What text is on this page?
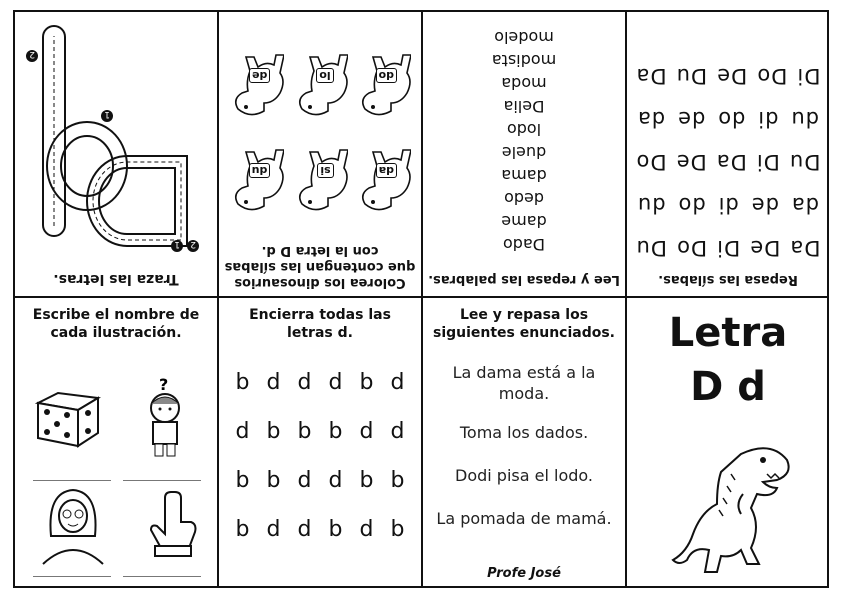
Traza las letras.
2
1
2
1
Colorea los dinosaurios
que contengan las sílabas
con la letra D d.
da
si
du
do
lo
de
Lee y repasa las palabras.
Dado
dame
dedo
dama
duele
lodo
Delia
moda
modista
modelo
Repasa las sílabas.
Da
De
Di
Do
Du
da
de
di
do
du
Du
Di
Da
De
Do
du
di
do
de
da
Di
Do
De
Du
Da
Escribe el nombre de cada ilustración.
?
Encierra todas las letras d.
b d d d b d
d b b b d d
b b d d b b
b d d b d b
Lee y repasa los siguientes enunciados.
La dama está a la moda.
Toma los dados.
Dodi pisa el lodo.
La pomada de mamá.
Profe José
Letra
D d
